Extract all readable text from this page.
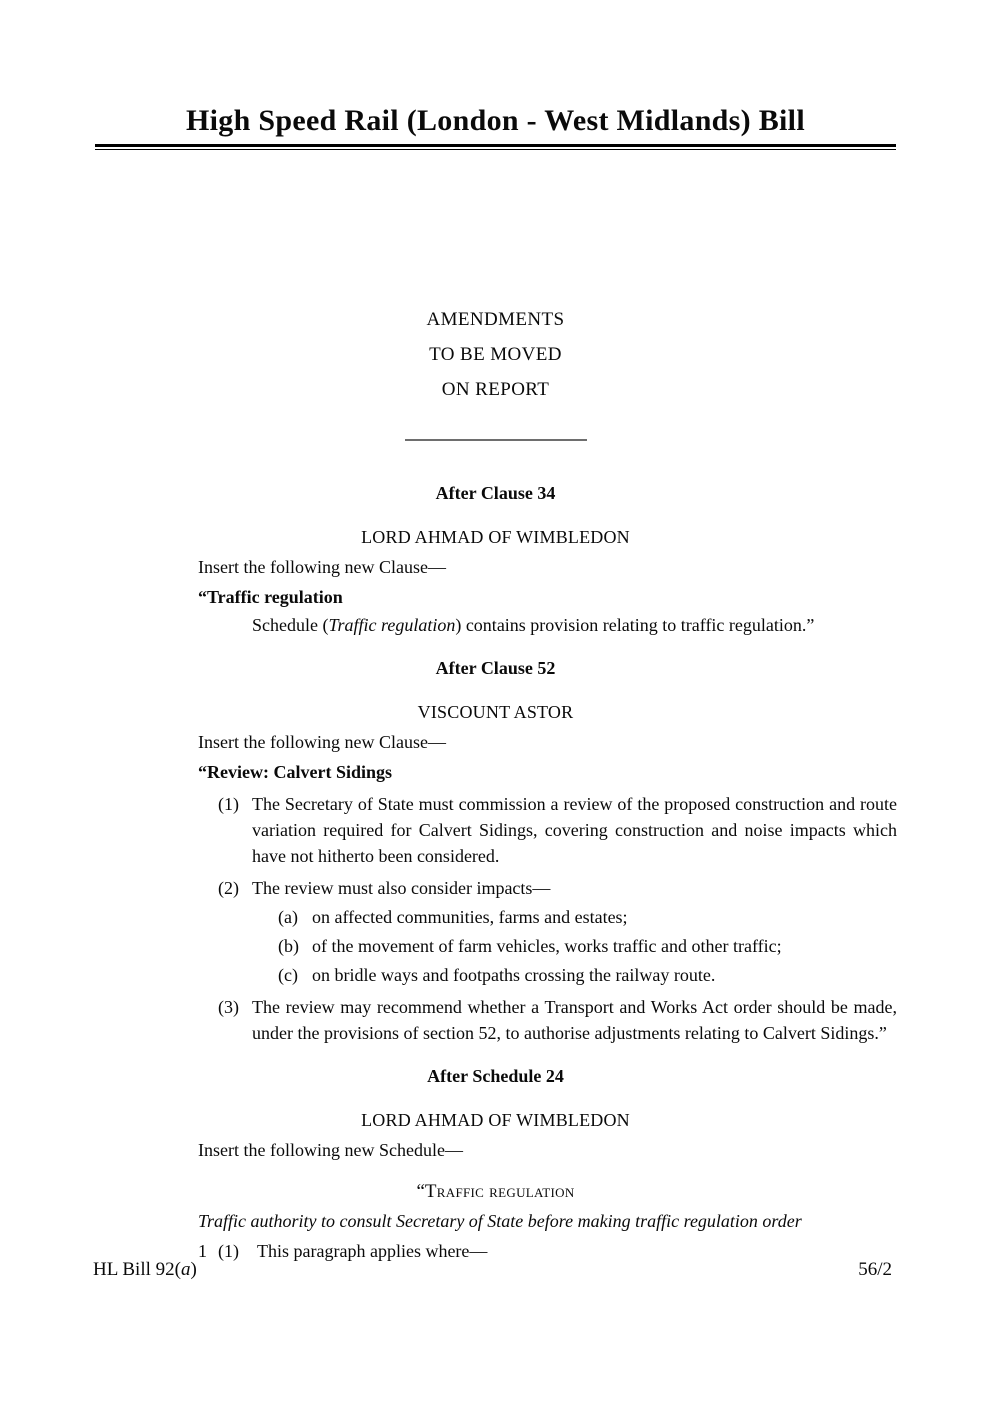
High Speed Rail (London - West Midlands) Bill
AMENDMENTS
TO BE MOVED
ON REPORT
After Clause 34
LORD AHMAD OF WIMBLEDON
Insert the following new Clause—
“Traffic regulation
Schedule (Traffic regulation) contains provision relating to traffic regulation.”
After Clause 52
VISCOUNT ASTOR
Insert the following new Clause—
“Review: Calvert Sidings
(1) The Secretary of State must commission a review of the proposed construction and route variation required for Calvert Sidings, covering construction and noise impacts which have not hitherto been considered.
(2) The review must also consider impacts—
(a) on affected communities, farms and estates;
(b) of the movement of farm vehicles, works traffic and other traffic;
(c) on bridle ways and footpaths crossing the railway route.
(3) The review may recommend whether a Transport and Works Act order should be made, under the provisions of section 52, to authorise adjustments relating to Calvert Sidings.”
After Schedule 24
LORD AHMAD OF WIMBLEDON
Insert the following new Schedule—
“Traffic regulation
Traffic authority to consult Secretary of State before making traffic regulation order
1 (1)	This paragraph applies where—
HL Bill 92(a)	56/2
